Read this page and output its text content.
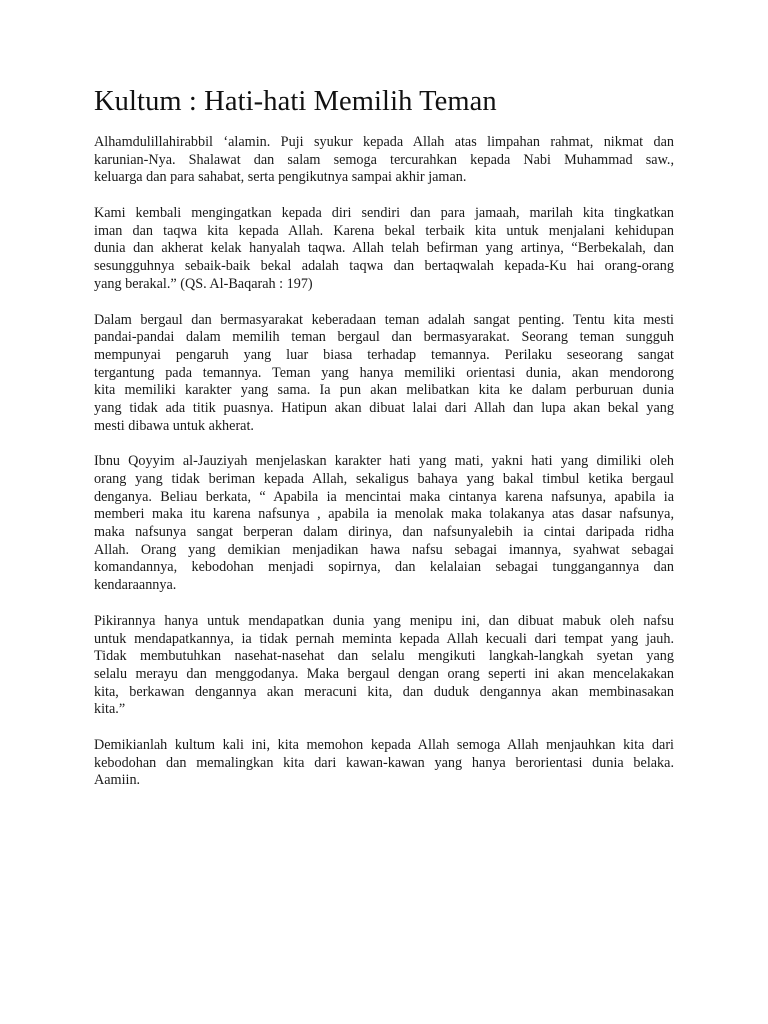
Kultum : Hati-hati Memilih Teman
Alhamdulillahirabbil ‘alamin. Puji syukur kepada Allah atas limpahan rahmat, nikmat dan
karunian-Nya. Shalawat dan salam semoga tercurahkan kepada Nabi Muhammad saw.,
keluarga dan para sahabat, serta pengikutnya sampai akhir jaman.
Kami kembali mengingatkan kepada diri sendiri dan para jamaah, marilah kita tingkatkan
iman dan taqwa kita kepada Allah. Karena bekal terbaik kita untuk menjalani kehidupan
dunia dan akherat kelak hanyalah taqwa. Allah telah befirman yang artinya, “Berbekalah, dan
sesungguhnya sebaik-baik bekal adalah taqwa dan bertaqwalah kepada-Ku hai orang-orang
yang berakal.” (QS. Al-Baqarah : 197)
Dalam bergaul dan bermasyarakat keberadaan teman adalah sangat penting. Tentu kita mesti
pandai-pandai dalam memilih teman bergaul dan bermasyarakat. Seorang teman sungguh
mempunyai pengaruh yang luar biasa terhadap temannya. Perilaku seseorang sangat
tergantung pada temannya. Teman yang hanya memiliki orientasi dunia, akan mendorong
kita memiliki karakter yang sama. Ia pun akan melibatkan kita ke dalam perburuan dunia
yang tidak ada titik puasnya. Hatipun akan dibuat lalai dari Allah dan lupa akan bekal yang
mesti dibawa untuk akherat.
Ibnu Qoyyim al-Jauziyah menjelaskan karakter hati yang mati, yakni hati yang dimiliki oleh
orang yang tidak beriman kepada Allah, sekaligus bahaya yang bakal timbul ketika bergaul
denganya. Beliau berkata, “ Apabila ia mencintai maka cintanya karena nafsunya, apabila ia
memberi maka itu karena nafsunya , apabila ia menolak maka tolakanya atas dasar nafsunya,
maka nafsunya sangat berperan dalam dirinya, dan nafsunyalebih ia cintai daripada ridha
Allah. Orang yang demikian menjadikan hawa nafsu sebagai imannya, syahwat sebagai
komandannya, kebodohan menjadi sopirnya, dan kelalaian sebagai tunggangannya dan
kendaraannya.
Pikirannya hanya untuk mendapatkan dunia yang menipu ini, dan dibuat mabuk oleh nafsu
untuk mendapatkannya, ia tidak pernah meminta kepada Allah kecuali dari tempat yang jauh.
Tidak membutuhkan nasehat-nasehat dan selalu mengikuti langkah-langkah syetan yang
selalu merayu dan menggodanya. Maka bergaul dengan orang seperti ini akan mencelakakan
kita, berkawan dengannya akan meracuni kita, dan duduk dengannya akan membinasakan
kita.”
Demikianlah kultum kali ini, kita memohon kepada Allah semoga Allah menjauhkan kita dari
kebodohan dan memalingkan kita dari kawan-kawan yang hanya berorientasi dunia belaka.
Aamiin.
